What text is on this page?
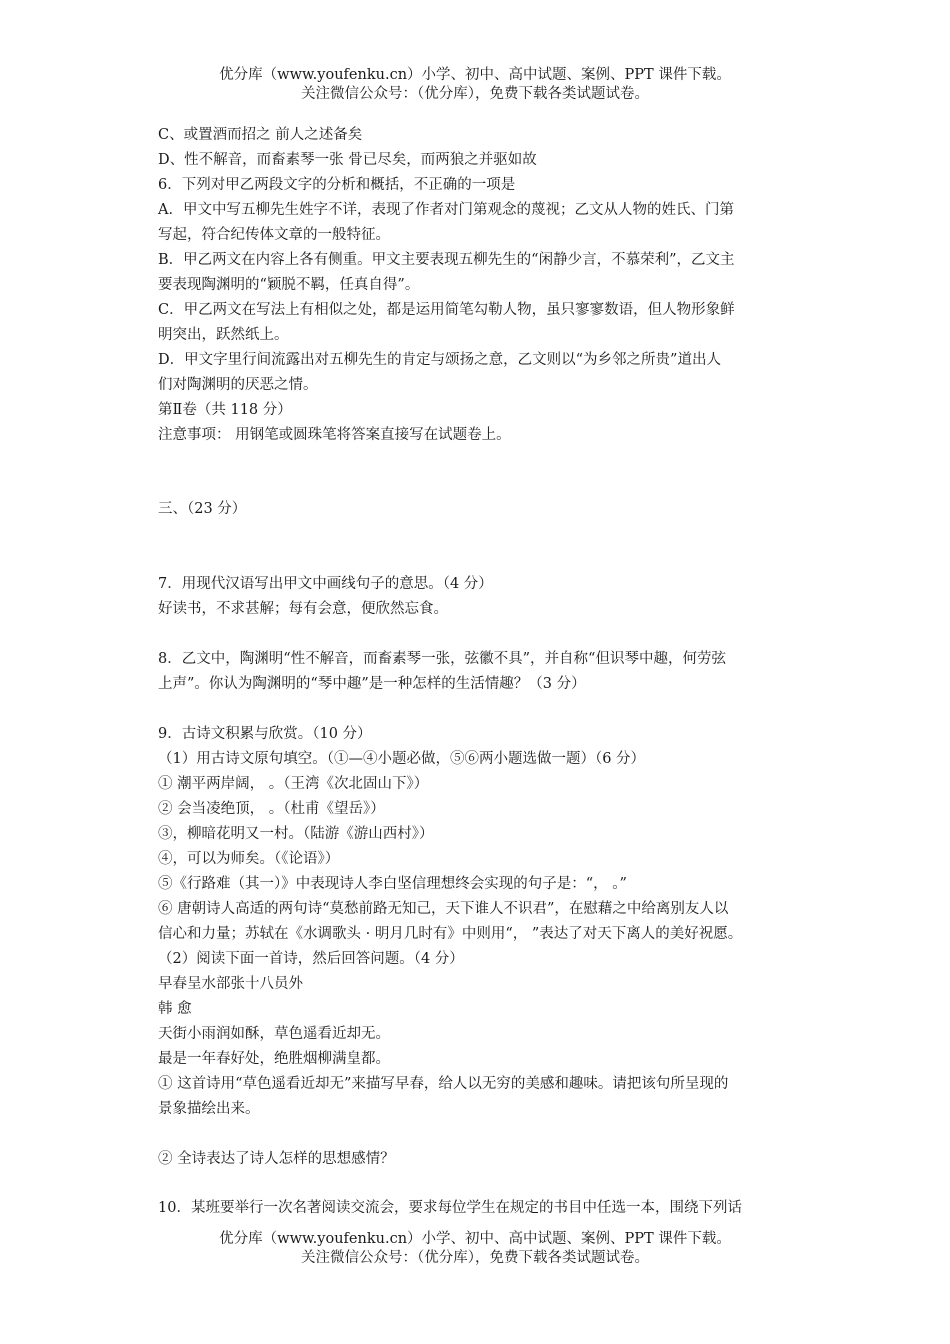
优分库（www.youfenku.cn）小学、初中、高中试题、案例、PPT 课件下载。
关注微信公众号：（优分库），免费下载各类试题试卷。
C、或置酒而招之 前人之述备矣
D、性不解音，而畜素琴一张 骨已尽矣，而两狼之并驱如故
6．下列对甲乙两段文字的分析和概括，不正确的一项是
A．甲文中写五柳先生姓字不详，表现了作者对门第观念的蔑视；乙文从人物的姓氏、门第
写起，符合纪传体文章的一般特征。
B．甲乙两文在内容上各有侧重。甲文主要表现五柳先生的“闲静少言，不慕荣利”，乙文主
要表现陶渊明的“颖脱不羁，任真自得”。
C．甲乙两文在写法上有相似之处，都是运用简笔勾勒人物，虽只寥寥数语，但人物形象鲜
明突出，跃然纸上。
D．甲文字里行间流露出对五柳先生的肯定与颂扬之意，乙文则以“为乡邻之所贵”道出人
们对陶渊明的厌恶之情。
第Ⅱ卷（共 118 分）
注意事项： 用钢笔或圆珠笔将答案直接写在试题卷上。
三、（23 分）
7．用现代汉语写出甲文中画线句子的意思。（4 分）
好读书，不求甚解；每有会意，便欣然忘食。
8．乙文中，陶渊明“性不解音，而畜素琴一张，弦徽不具”，并自称“但识琴中趣，何劳弦
上声”。你认为陶渊明的“琴中趣”是一种怎样的生活情趣？（3 分）
9．古诗文积累与欣赏。（10 分）
（1）用古诗文原句填空。（①—④小题必做，⑤⑥两小题选做一题）（6 分）
① 潮平两岸阔， 。（王湾《次北固山下》）
② 会当凌绝顶， 。（杜甫《望岳》）
③，柳暗花明又一村。（陆游《游山西村》）
④，可以为师矣。（《论语》）
⑤《行路难（其一）》中表现诗人李白坚信理想终会实现的句子是：“， 。”
⑥ 唐朝诗人高适的两句诗“莫愁前路无知己，天下谁人不识君”，在慰藉之中给离别友人以
信心和力量；苏轼在《水调歌头 · 明月几时有》中则用“， ”表达了对天下离人的美好祝愿。
（2）阅读下面一首诗，然后回答问题。（4 分）
早春呈水部张十八员外
韩 愈
天街小雨润如酥，草色遥看近却无。
最是一年春好处，绝胜烟柳满皇都。
① 这首诗用“草色遥看近却无”来描写早春，给人以无穷的美感和趣味。请把该句所呈现的
景象描绘出来。
② 全诗表达了诗人怎样的思想感情？
10．某班要举行一次名著阅读交流会，要求每位学生在规定的书目中任选一本，围绕下列话
优分库（www.youfenku.cn）小学、初中、高中试题、案例、PPT 课件下载。
关注微信公众号：（优分库），免费下载各类试题试卷。
